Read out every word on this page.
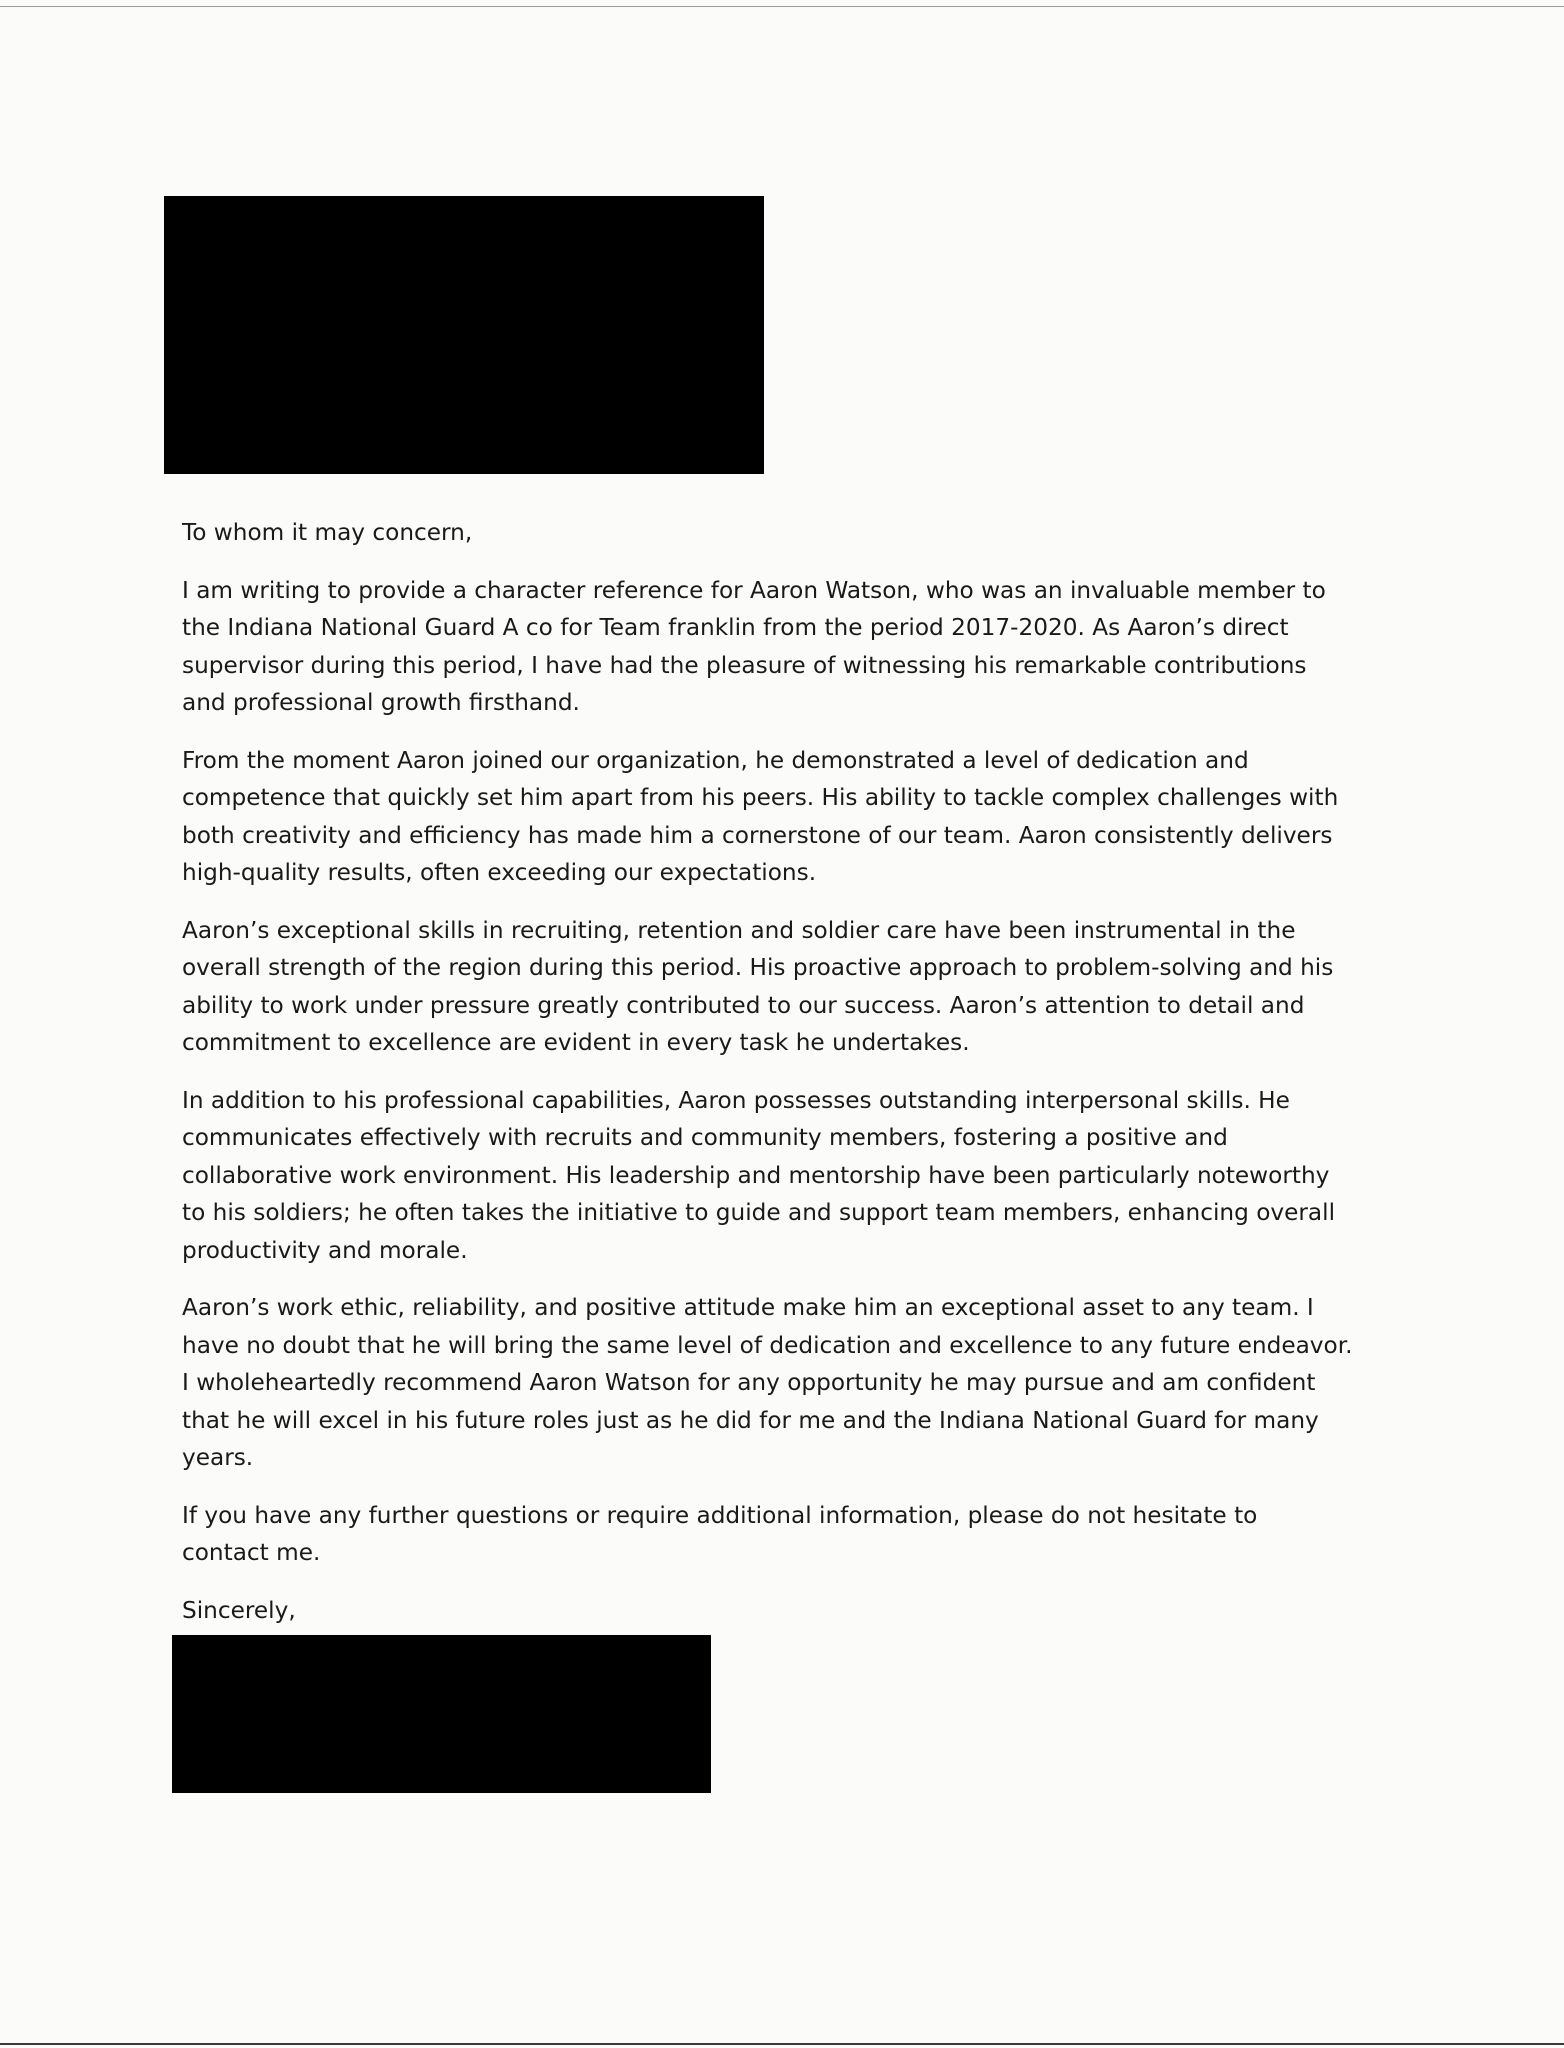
To whom it may concern,

I am writing to provide a character reference for Aaron Watson, who was an invaluable member to
the Indiana National Guard A co for Team franklin from the period 2017-2020. As Aaron’s direct
supervisor during this period, I have had the pleasure of witnessing his remarkable contributions
and professional growth firsthand.

From the moment Aaron joined our organization, he demonstrated a level of dedication and
competence that quickly set him apart from his peers. His ability to tackle complex challenges with
both creativity and efficiency has made him a cornerstone of our team. Aaron consistently delivers
high-quality results, often exceeding our expectations.

Aaron’s exceptional skills in recruiting, retention and soldier care have been instrumental in the
overall strength of the region during this period. His proactive approach to problem-solving and his
ability to work under pressure greatly contributed to our success. Aaron’s attention to detail and
commitment to excellence are evident in every task he undertakes.

In addition to his professional capabilities, Aaron possesses outstanding interpersonal skills. He
communicates effectively with recruits and community members, fostering a positive and
collaborative work environment. His leadership and mentorship have been particularly noteworthy
to his soldiers; he often takes the initiative to guide and support team members, enhancing overall
productivity and morale.

Aaron’s work ethic, reliability, and positive attitude make him an exceptional asset to any team. I
have no doubt that he will bring the same level of dedication and excellence to any future endeavor.
I wholeheartedly recommend Aaron Watson for any opportunity he may pursue and am confident
that he will excel in his future roles just as he did for me and the Indiana National Guard for many
years.

If you have any further questions or require additional information, please do not hesitate to
contact me.

Sincerely,
